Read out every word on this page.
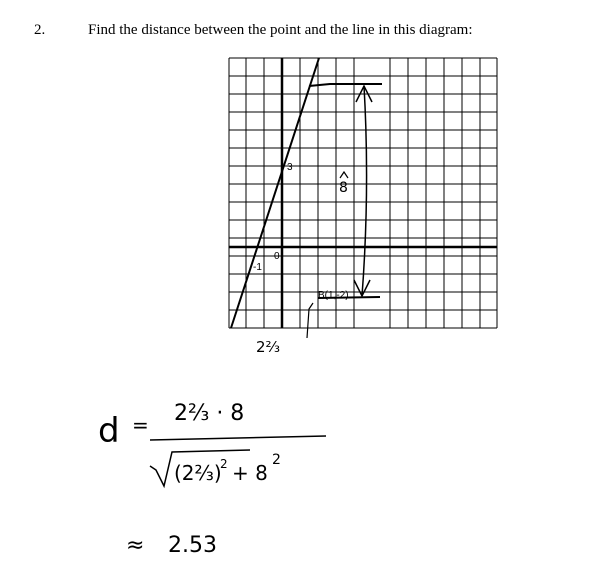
2.	Find the distance between the point and the line in this diagram:
3
-1
0
B(1,-2)
8
2⅔
d = 2⅔ · 8
(2⅔)
2 + 8
2
≈ 2.53
